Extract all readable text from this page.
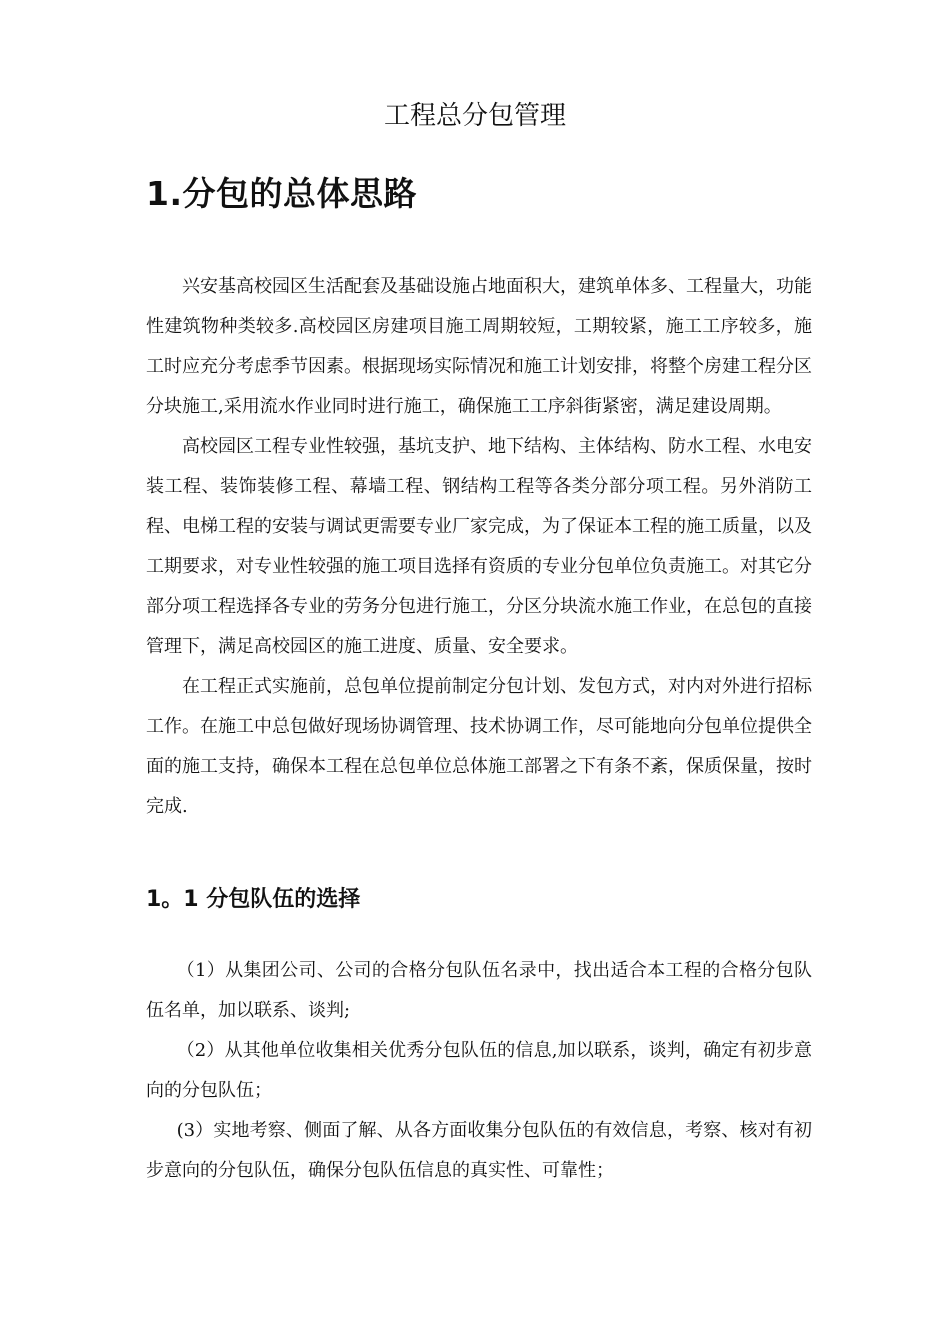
工程总分包管理
1.分包的总体思路

兴安基高校园区生活配套及基础设施占地面积大，建筑单体多、工程量大，功能性建筑物种类较多.高校园区房建项目施工周期较短，工期较紧，施工工序较多，施工时应充分考虑季节因素。根据现场实际情况和施工计划安排，将整个房建工程分区分块施工,采用流水作业同时进行施工，确保施工工序斜街紧密，满足建设周期。

高校园区工程专业性较强，基坑支护、地下结构、主体结构、防水工程、水电安装工程、装饰装修工程、幕墙工程、钢结构工程等各类分部分项工程。另外消防工程、电梯工程的安装与调试更需要专业厂家完成，为了保证本工程的施工质量，以及工期要求，对专业性较强的施工项目选择有资质的专业分包单位负责施工。对其它分部分项工程选择各专业的劳务分包进行施工，分区分块流水施工作业，在总包的直接管理下，满足高校园区的施工进度、质量、安全要求。

在工程正式实施前，总包单位提前制定分包计划、发包方式，对内对外进行招标工作。在施工中总包做好现场协调管理、技术协调工作，尽可能地向分包单位提供全面的施工支持，确保本工程在总包单位总体施工部署之下有条不紊，保质保量，按时完成.

1。1 分包队伍的选择

（1）从集团公司、公司的合格分包队伍名录中，找出适合本工程的合格分包队伍名单，加以联系、谈判;

（2）从其他单位收集相关优秀分包队伍的信息,加以联系，谈判，确定有初步意向的分包队伍；

(3）实地考察、侧面了解、从各方面收集分包队伍的有效信息，考察、核对有初步意向的分包队伍，确保分包队伍信息的真实性、可靠性；
